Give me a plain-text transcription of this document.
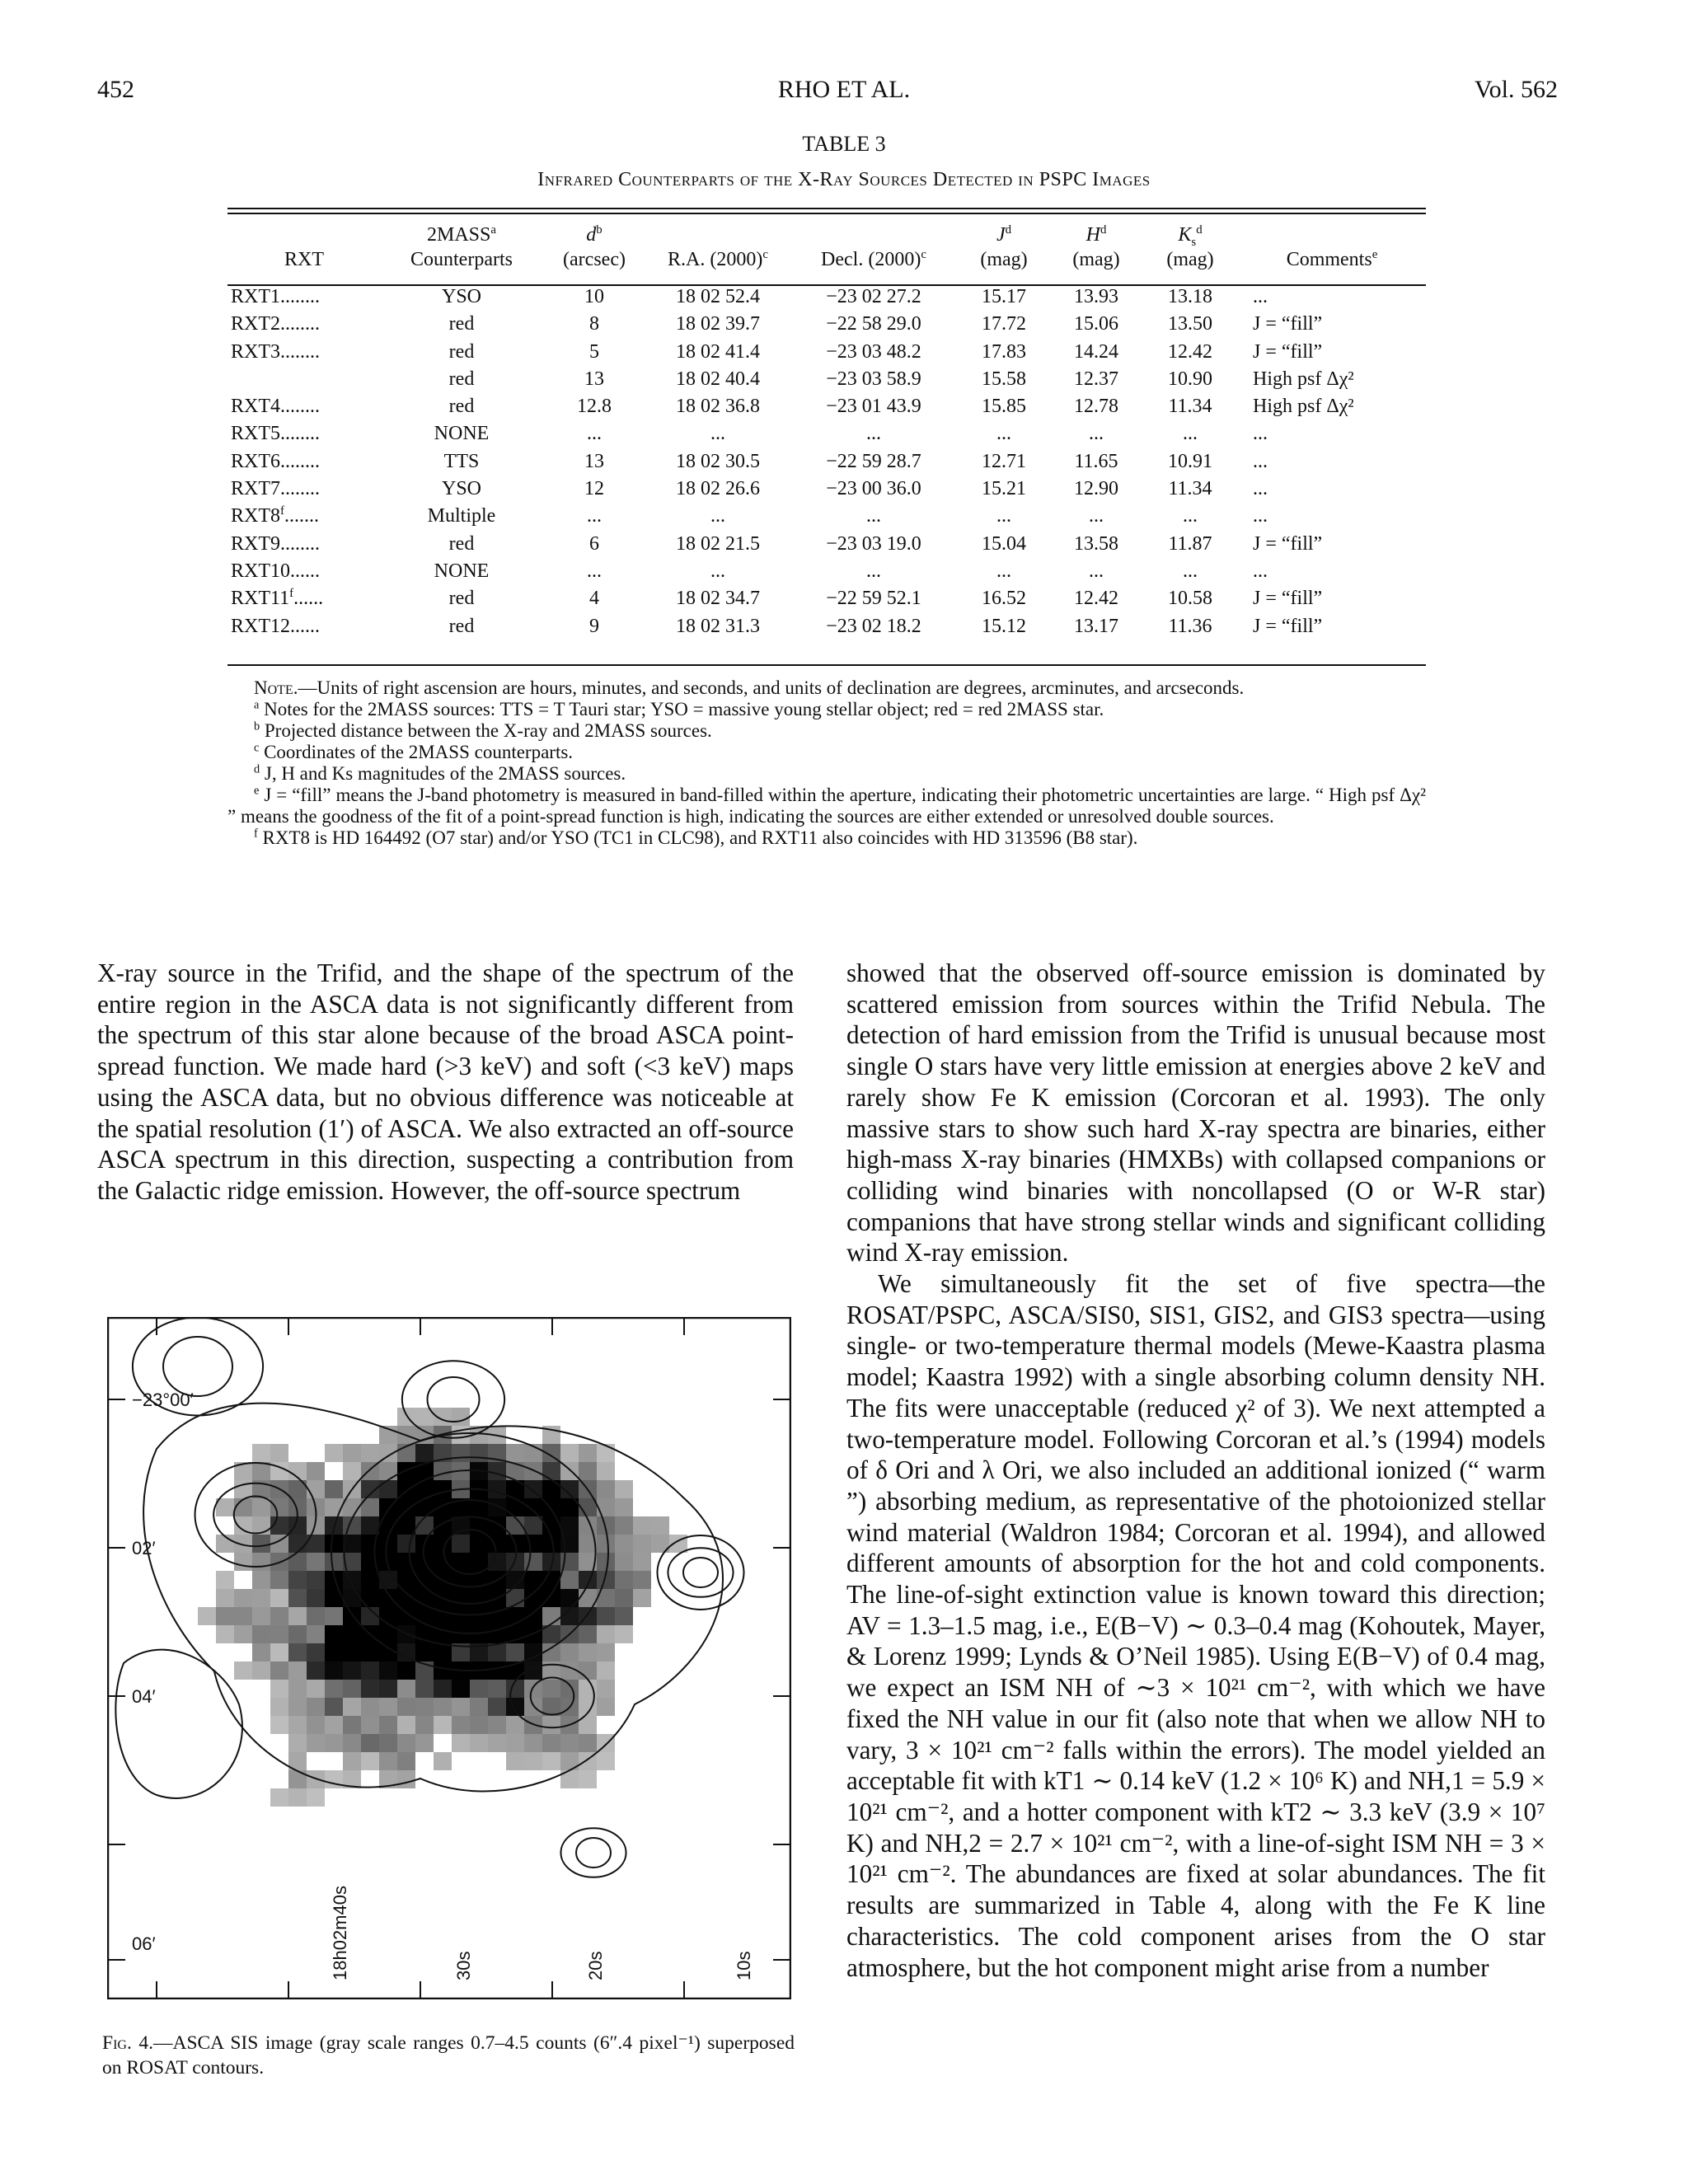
452	RHO ET AL.	Vol. 562
TABLE 3
Infrared Counterparts of the X-Ray Sources Detected in PSPC Images
	2MASS$^a$	$d^b$			$J^d$	$H^d$	$K_s^d$	
RXT	Counterparts	(arcsec)	R.A. $(2000)^c$	Decl. $(2000)^c$	(mag)	(mag)	(mag)	Comments$^e$

RXT1........	YSO	10	18 02 52.4	−23 02 27.2	15.17	13.93	13.18	...
RXT2........	red	8	18 02 39.7	−22 58 29.0	17.72	15.06	13.50	J = “fill”
RXT3........	red	5	18 02 41.4	−23 03 48.2	17.83	14.24	12.42	J = “fill”
	red	13	18 02 40.4	−23 03 58.9	15.58	12.37	10.90	High psf Δχ²
RXT4........	red	12.8	18 02 36.8	−23 01 43.9	15.85	12.78	11.34	High psf Δχ²
RXT5........	NONE	...	...	...	...	...	...	...
RXT6........	TTS	13	18 02 30.5	−22 59 28.7	12.71	11.65	10.91	...
RXT7........	YSO	12	18 02 26.6	−23 00 36.0	15.21	12.90	11.34	...
RXT8$^f$.......	Multiple	...	...	...	...	...	...	...
RXT9........	red	6	18 02 21.5	−23 03 19.0	15.04	13.58	11.87	J = “fill”
RXT10......	NONE	...	...	...	...	...	...	...
RXT11$^f$......	red	4	18 02 34.7	−22 59 52.1	16.52	12.42	10.58	J = “fill”
RXT12......	red	9	18 02 31.3	−23 02 18.2	15.12	13.17	11.36	J = “fill”

Note.—Units of right ascension are hours, minutes, and seconds, and units of declination are degrees, arcminutes, and arcseconds.

$^a$ Notes for the 2MASS sources: TTS = T Tauri star; YSO = massive young stellar object; red = red 2MASS star.

$^b$ Projected distance between the X-ray and 2MASS sources.

$^c$ Coordinates of the 2MASS counterparts.

$^d$ J, H and Ks magnitudes of the 2MASS sources.

$^e$ J = “fill” means the J-band photometry is measured in band-filled within the aperture, indicating their photometric uncertainties are large. “ High psf Δχ² ” means the goodness of the fit of a point-spread function is high, indicating the sources are either extended or unresolved double sources.

$^f$ RXT8 is HD 164492 (O7 star) and/or YSO (TC1 in CLC98), and RXT11 also coincides with HD 313596 (B8 star).

X-ray source in the Trifid, and the shape of the spectrum of the entire region in the ASCA data is not significantly different from the spectrum of this star alone because of the broad ASCA point-spread function. We made hard (>3 keV) and soft (<3 keV) maps using the ASCA data, but no obvious difference was noticeable at the spatial resolution (1′) of ASCA. We also extracted an off-source ASCA spectrum in this direction, suspecting a contribution from the Galactic ridge emission. However, the off-source spectrum

−23°00′
02′
04′
06′	18h02m40s	30s	20s	10s
Fig. 4.—ASCA SIS image (gray scale ranges 0.7–4.5 counts (6″.4 pixel⁻¹) superposed on ROSAT contours.

showed that the observed off-source emission is dominated by scattered emission from sources within the Trifid Nebula. The detection of hard emission from the Trifid is unusual because most single O stars have very little emission at energies above 2 keV and rarely show Fe K emission (Corcoran et al. 1993). The only massive stars to show such hard X-ray spectra are binaries, either high-mass X-ray binaries (HMXBs) with collapsed companions or colliding wind binaries with noncollapsed (O or W-R star) companions that have strong stellar winds and significant colliding wind X-ray emission.

We simultaneously fit the set of five spectra—the ROSAT/PSPC, ASCA/SIS0, SIS1, GIS2, and GIS3 spectra—using single- or two-temperature thermal models (Mewe-Kaastra plasma model; Kaastra 1992) with a single absorbing column density NH. The fits were unacceptable (reduced χ² of 3). We next attempted a two-temperature model. Following Corcoran et al.’s (1994) models of δ Ori and λ Ori, we also included an additional ionized (“ warm ”) absorbing medium, as representative of the photoionized stellar wind material (Waldron 1984; Corcoran et al. 1994), and allowed different amounts of absorption for the hot and cold components. The line-of-sight extinction value is known toward this direction; AV = 1.3–1.5 mag, i.e., E(B−V) ∼ 0.3–0.4 mag (Kohoutek, Mayer, & Lorenz 1999; Lynds & O’Neil 1985). Using E(B−V) of 0.4 mag, we expect an ISM NH of ∼3 × 10²¹ cm⁻², with which we have fixed the NH value in our fit (also note that when we allow NH to vary, 3 × 10²¹ cm⁻² falls within the errors). The model yielded an acceptable fit with kT1 ∼ 0.14 keV (1.2 × 10⁶ K) and NH,1 = 5.9 × 10²¹ cm⁻², and a hotter component with kT2 ∼ 3.3 keV (3.9 × 10⁷ K) and NH,2 = 2.7 × 10²¹ cm⁻², with a line-of-sight ISM NH = 3 × 10²¹ cm⁻². The abundances are fixed at solar abundances. The fit results are summarized in Table 4, along with the Fe K line characteristics. The cold component arises from the O star atmosphere, but the hot component might arise from a number
